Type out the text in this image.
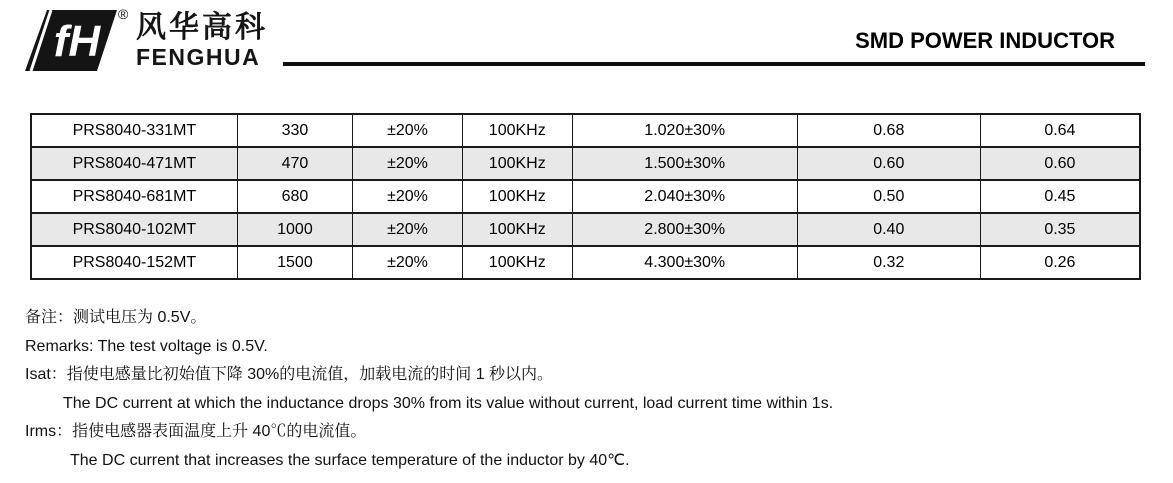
fH
® 风华高科
FENGHUA
SMD POWER INDUCTOR
PRS8040-331MT	330	±20%	100KHz	1.020±30%	0.68	0.64
PRS8040-471MT	470	±20%	100KHz	1.500±30%	0.60	0.60
PRS8040-681MT	680	±20%	100KHz	2.040±30%	0.50	0.45
PRS8040-102MT	1000	±20%	100KHz	2.800±30%	0.40	0.35
PRS8040-152MT	1500	±20%	100KHz	4.300±30%	0.32	0.26
备注：测试电压为 0.5V。
Remarks: The test voltage is 0.5V.
Isat：指使电感量比初始值下降 30%的电流值，加载电流的时间 1 秒以内。
The DC current at which the inductance drops 30% from its value without current, load current time within 1s.
Irms：指使电感器表面温度上升 40℃的电流值。
The DC current that increases the surface temperature of the inductor by 40℃.
